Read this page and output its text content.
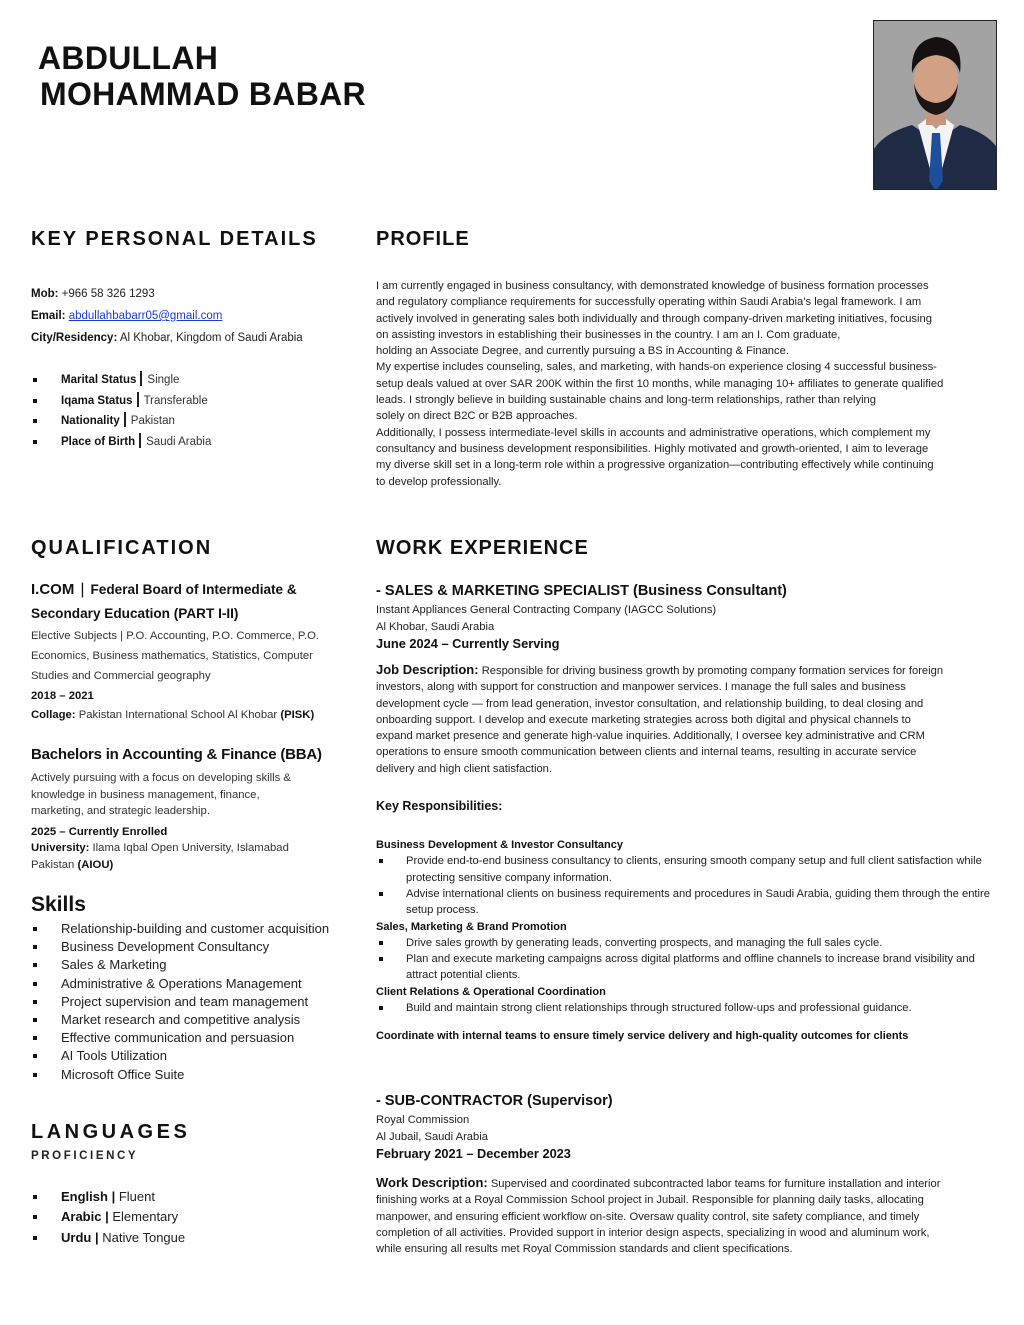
ABDULLAH
MOHAMMAD BABAR
KEY PERSONAL DETAILS
Mob: +966 58 326 1293
Email: abdullahbabarr05@gmail.com
City/Residency: Al Khobar, Kingdom of Saudi Arabia
Marital Status Single
Iqama Status Transferable
Nationality Pakistan
Place of Birth Saudi Arabia
PROFILE

I am currently engaged in business consultancy, with demonstrated knowledge of business formation processes

and regulatory compliance requirements for successfully operating within Saudi Arabia’s legal framework. I am

actively involved in generating sales both individually and through company-driven marketing initiatives, focusing

on assisting investors in establishing their businesses in the country. I am an I. Com graduate,

holding an Associate Degree, and currently pursuing a BS in Accounting & Finance.

My expertise includes counseling, sales, and marketing, with hands-on experience closing 4 successful business-

setup deals valued at over SAR 200K within the first 10 months, while managing 10+ affiliates to generate qualified

leads. I strongly believe in building sustainable chains and long-term relationships, rather than relying

solely on direct B2C or B2B approaches.

Additionally, I possess intermediate-level skills in accounts and administrative operations, which complement my

consultancy and business development responsibilities. Highly motivated and growth-oriented, I aim to leverage

my diverse skill set in a long-term role within a progressive organization—contributing effectively while continuing

to develop professionally.

QUALIFICATION
I.COM | Federal Board of Intermediate &
Secondary Education (PART I-II)
Elective Subjects | P.O. Accounting, P.O. Commerce, P.O.
Economics, Business mathematics, Statistics, Computer
Studies and Commercial geography
2018 – 2021
Collage: Pakistan International School Al Khobar (PISK)
Bachelors in Accounting & Finance (BBA)
Actively pursuing with a focus on developing skills &
knowledge in business management, finance,
marketing, and strategic leadership.
2025 – Currently Enrolled
University: Ilama Iqbal Open University, Islamabad
Pakistan (AIOU)
Skills
Relationship-building and customer acquisition
Business Development Consultancy
Sales & Marketing
Administrative & Operations Management
Project supervision and team management
Market research and competitive analysis
Effective communication and persuasion
AI Tools Utilization
Microsoft Office Suite
LANGUAGES
PROFICIENCY
English | Fluent
Arabic | Elementary
Urdu | Native Tongue
WORK EXPERIENCE
- SALES & MARKETING SPECIALIST (Business Consultant)
Instant Appliances General Contracting Company (IAGCC Solutions)
Al Khobar, Saudi Arabia
June 2024 – Currently Serving
Job Description: Responsible for driving business growth by promoting company formation services for foreign
investors, along with support for construction and manpower services. I manage the full sales and business
development cycle — from lead generation, investor consultation, and relationship building, to deal closing and
onboarding support. I develop and execute marketing strategies across both digital and physical channels to
expand market presence and generate high-value inquiries. Additionally, I oversee key administrative and CRM
operations to ensure smooth communication between clients and internal teams, resulting in accurate service
delivery and high client satisfaction.
Key Responsibilities:
Business Development & Investor Consultancy
Provide end-to-end business consultancy to clients, ensuring smooth company setup and full client satisfaction while protecting sensitive company information.
Advise international clients on business requirements and procedures in Saudi Arabia, guiding them through the entire setup process.
Sales, Marketing & Brand Promotion
Drive sales growth by generating leads, converting prospects, and managing the full sales cycle.
Plan and execute marketing campaigns across digital platforms and offline channels to increase brand visibility and attract potential clients.
Client Relations & Operational Coordination
Build and maintain strong client relationships through structured follow-ups and professional guidance.
Coordinate with internal teams to ensure timely service delivery and high-quality outcomes for clients
- SUB-CONTRACTOR (Supervisor)
Royal Commission
Al Jubail, Saudi Arabia
February 2021 – December 2023
Work Description: Supervised and coordinated subcontracted labor teams for furniture installation and interior
finishing works at a Royal Commission School project in Jubail. Responsible for planning daily tasks, allocating
manpower, and ensuring efficient workflow on-site. Oversaw quality control, site safety compliance, and timely
completion of all activities. Provided support in interior design aspects, specializing in wood and aluminum work,
while ensuring all results met Royal Commission standards and client specifications.
